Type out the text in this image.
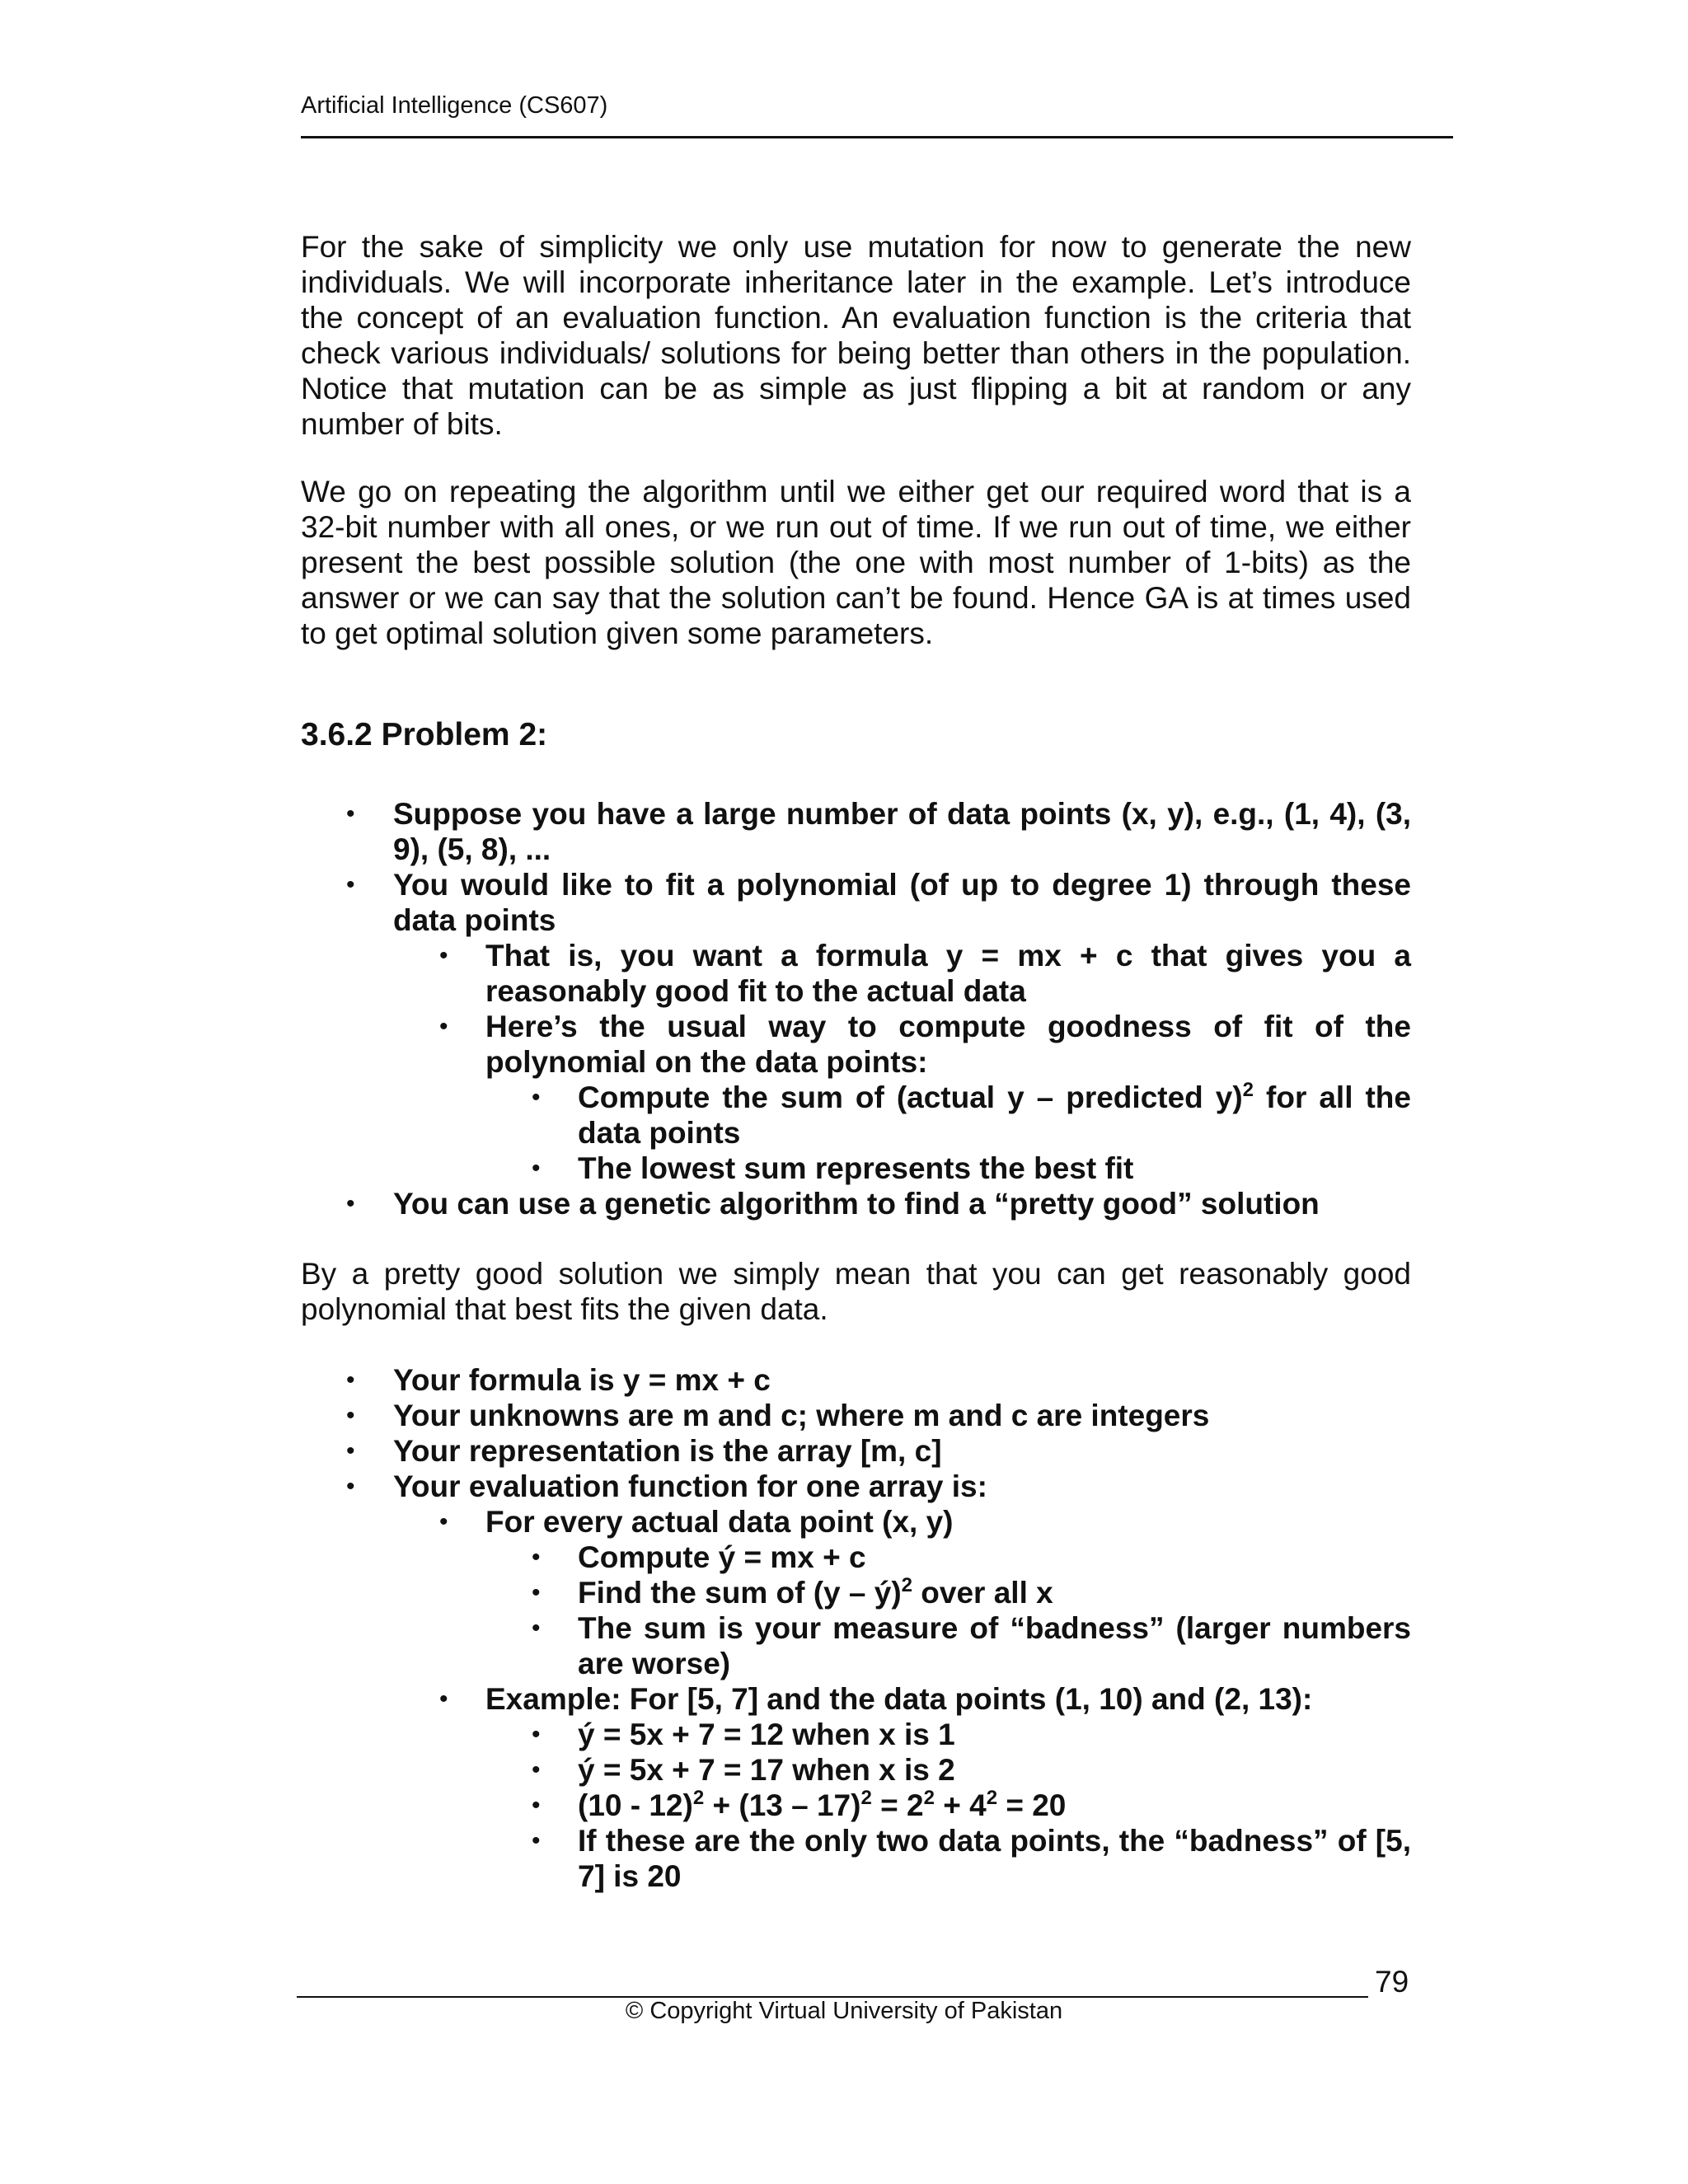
Artificial Intelligence (CS607)

For the sake of simplicity we only use mutation for now to generate the new individuals. We will incorporate inheritance later in the example. Let’s introduce the concept of an evaluation function. An evaluation function is the criteria that check various individuals/ solutions for being better than others in the population. Notice that mutation can be as simple as just flipping a bit at random or any number of bits.

We go on repeating the algorithm until we either get our required word that is a 32-bit number with all ones, or we run out of time. If we run out of time, we either present the best possible solution (the one with most number of 1-bits) as the answer or we can say that the solution can’t be found. Hence GA is at times used to get optimal solution given some parameters.

3.6.2 Problem 2:
• Suppose you have a large number of data points (x, y), e.g., (1, 4), (3, 9), (5, 8), ...
• You would like to fit a polynomial (of up to degree 1) through these data points
• That is, you want a formula y = mx + c that gives you a reasonably good fit to the actual data
• Here’s the usual way to compute goodness of fit of the polynomial on the data points:
• Compute the sum of (actual y – predicted y)$^2$ for all the data points
• The lowest sum represents the best fit
• You can use a genetic algorithm to find a “pretty good” solution

By a pretty good solution we simply mean that you can get reasonably good polynomial that best fits the given data.

• Your formula is y = mx + c
• Your unknowns are m and c; where m and c are integers
• Your representation is the array [m, c]
• Your evaluation function for one array is:
• For every actual data point (x, y)
• Compute ý = mx + c
• Find the sum of (y – ý)$^2$ over all x
• The sum is your measure of “badness” (larger numbers are worse)
• Example: For [5, 7] and the data points (1, 10) and (2, 13):
• ý = 5x + 7 = 12 when x is 1
• ý = 5x + 7 = 17 when x is 2
• $(10 - 12)^2 + (13 - 17)^2 = 2^2 + 4^2 = 20$
• If these are the only two data points, the “badness” of [5, 7] is 20
79
© Copyright Virtual University of Pakistan
